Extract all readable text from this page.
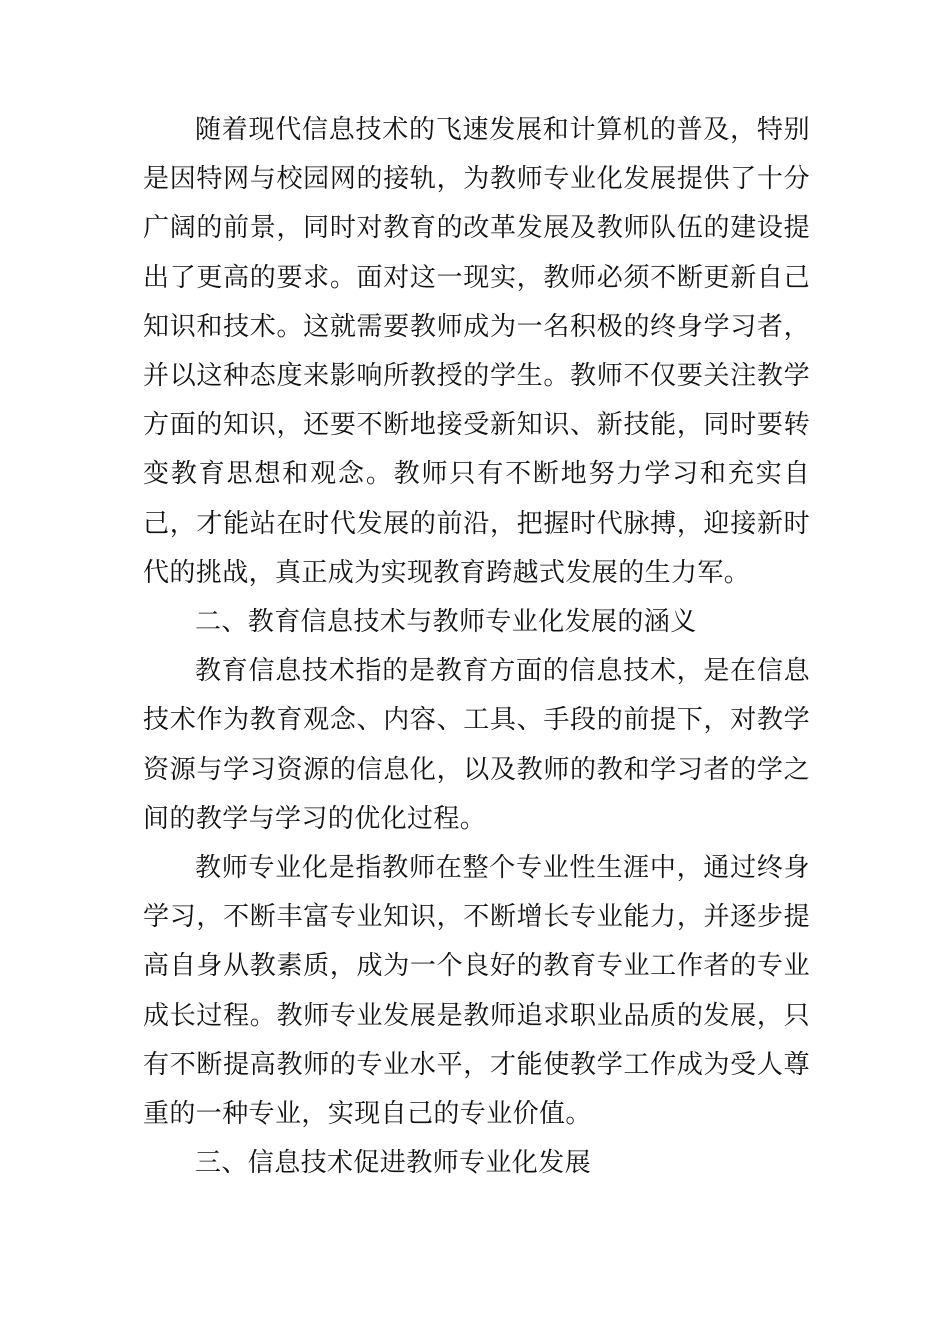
随着现代信息技术的飞速发展和计算机的普及，特别是因特网与校园网的接轨，为教师专业化发展提供了十分广阔的前景，同时对教育的改革发展及教师队伍的建设提出了更高的要求。面对这一现实，教师必须不断更新自己知识和技术。这就需要教师成为一名积极的终身学习者，并以这种态度来影响所教授的学生。教师不仅要关注教学方面的知识，还要不断地接受新知识、新技能，同时要转变教育思想和观念。教师只有不断地努力学习和充实自己，才能站在时代发展的前沿，把握时代脉搏，迎接新时代的挑战，真正成为实现教育跨越式发展的生力军。

二、教育信息技术与教师专业化发展的涵义

教育信息技术指的是教育方面的信息技术，是在信息技术作为教育观念、内容、工具、手段的前提下，对教学资源与学习资源的信息化，以及教师的教和学习者的学之间的教学与学习的优化过程。

教师专业化是指教师在整个专业性生涯中，通过终身学习，不断丰富专业知识，不断增长专业能力，并逐步提高自身从教素质，成为一个良好的教育专业工作者的专业成长过程。教师专业发展是教师追求职业品质的发展，只有不断提高教师的专业水平，才能使教学工作成为受人尊重的一种专业，实现自己的专业价值。

三、信息技术促进教师专业化发展
